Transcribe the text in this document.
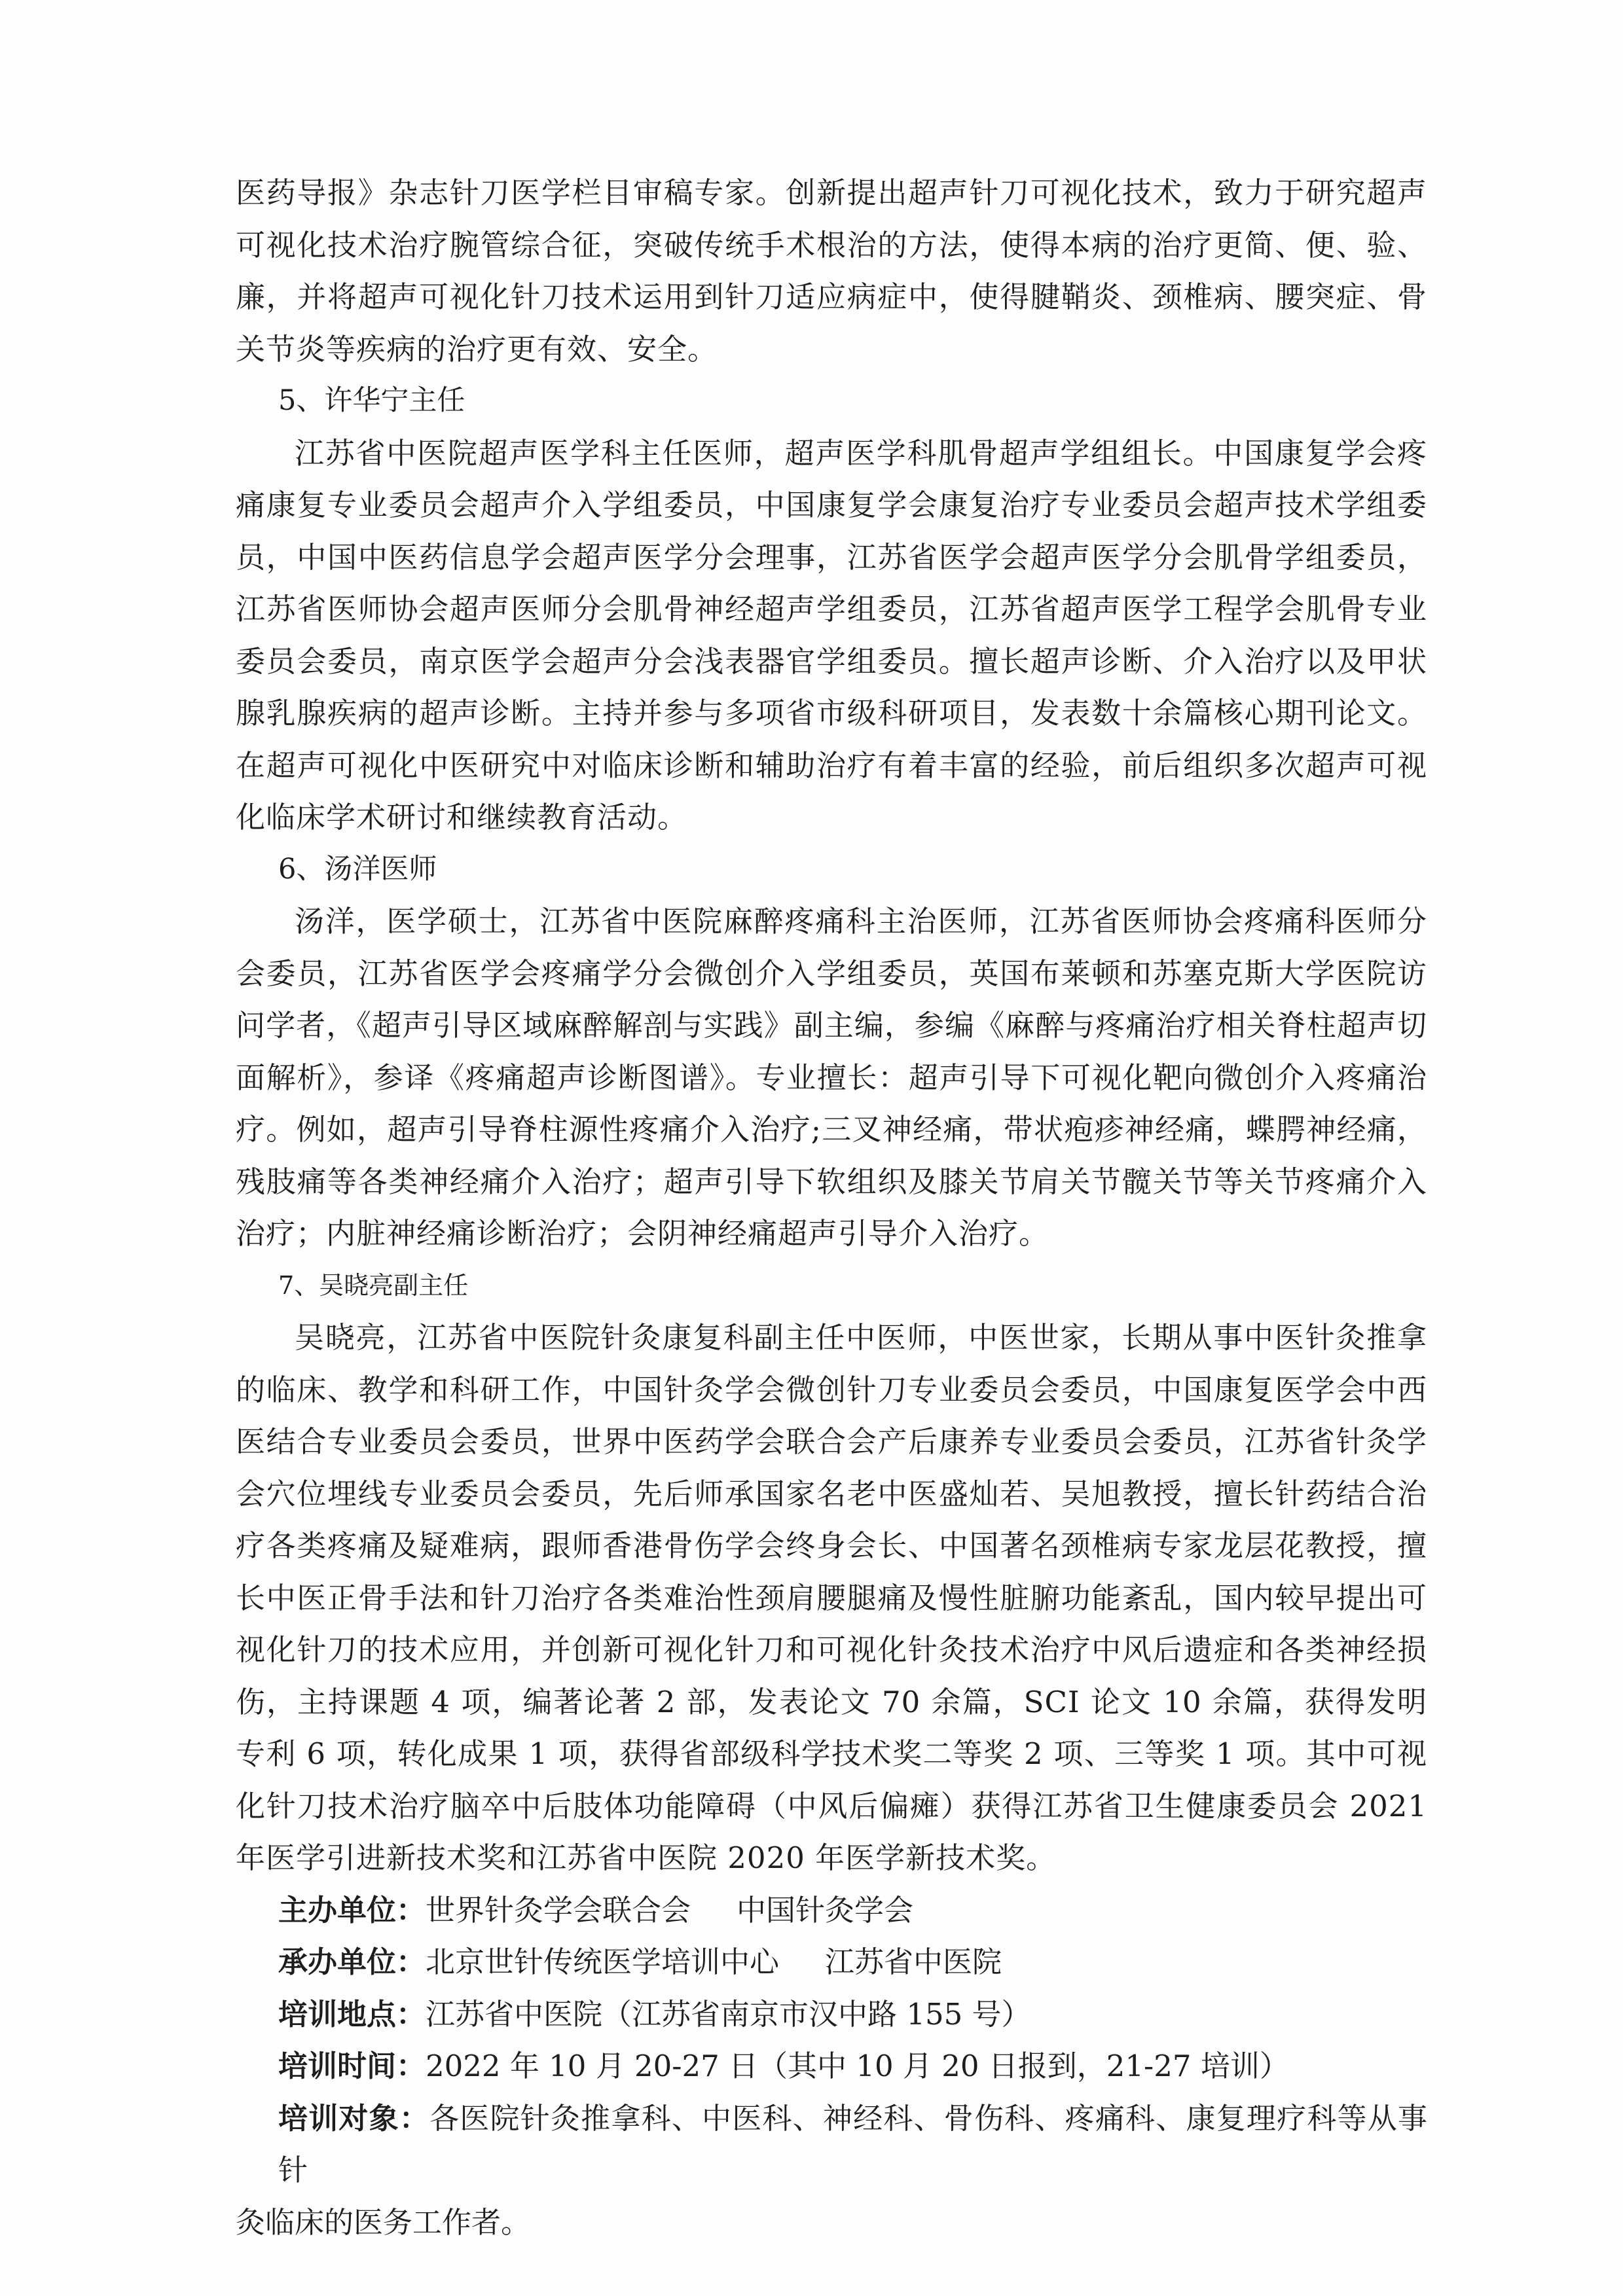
医药导报》杂志针刀医学栏目审稿专家。创新提出超声针刀可视化技术，致力于研究超声可视化技术治疗腕管综合征，突破传统手术根治的方法，使得本病的治疗更简、便、验、廉，并将超声可视化针刀技术运用到针刀适应病症中，使得腱鞘炎、颈椎病、腰突症、骨关节炎等疾病的治疗更有效、安全。

5、许华宁主任

江苏省中医院超声医学科主任医师，超声医学科肌骨超声学组组长。中国康复学会疼痛康复专业委员会超声介入学组委员，中国康复学会康复治疗专业委员会超声技术学组委员，中国中医药信息学会超声医学分会理事，江苏省医学会超声医学分会肌骨学组委员，江苏省医师协会超声医师分会肌骨神经超声学组委员，江苏省超声医学工程学会肌骨专业委员会委员，南京医学会超声分会浅表器官学组委员。擅长超声诊断、介入治疗以及甲状腺乳腺疾病的超声诊断。主持并参与多项省市级科研项目，发表数十余篇核心期刊论文。在超声可视化中医研究中对临床诊断和辅助治疗有着丰富的经验，前后组织多次超声可视化临床学术研讨和继续教育活动。

6、汤洋医师

汤洋，医学硕士，江苏省中医院麻醉疼痛科主治医师，江苏省医师协会疼痛科医师分会委员，江苏省医学会疼痛学分会微创介入学组委员，英国布莱顿和苏塞克斯大学医院访问学者，《超声引导区域麻醉解剖与实践》副主编，参编《麻醉与疼痛治疗相关脊柱超声切面解析》，参译《疼痛超声诊断图谱》。专业擅长：超声引导下可视化靶向微创介入疼痛治疗。例如，超声引导脊柱源性疼痛介入治疗;三叉神经痛，带状疱疹神经痛，蝶腭神经痛，残肢痛等各类神经痛介入治疗；超声引导下软组织及膝关节肩关节髋关节等关节疼痛介入治疗；内脏神经痛诊断治疗；会阴神经痛超声引导介入治疗。

7、吴晓亮副主任

吴晓亮，江苏省中医院针灸康复科副主任中医师，中医世家，长期从事中医针灸推拿的临床、教学和科研工作，中国针灸学会微创针刀专业委员会委员，中国康复医学会中西医结合专业委员会委员，世界中医药学会联合会产后康养专业委员会委员，江苏省针灸学会穴位埋线专业委员会委员，先后师承国家名老中医盛灿若、吴旭教授，擅长针药结合治疗各类疼痛及疑难病，跟师香港骨伤学会终身会长、中国著名颈椎病专家龙层花教授，擅长中医正骨手法和针刀治疗各类难治性颈肩腰腿痛及慢性脏腑功能紊乱，国内较早提出可视化针刀的技术应用，并创新可视化针刀和可视化针灸技术治疗中风后遗症和各类神经损伤，主持课题 4 项，编著论著 2 部，发表论文 70 余篇，SCI 论文 10 余篇，获得发明专利 6 项，转化成果 1 项，获得省部级科学技术奖二等奖 2 项、三等奖 1 项。其中可视化针刀技术治疗脑卒中后肢体功能障碍（中风后偏瘫）获得江苏省卫生健康委员会 2021 年医学引进新技术奖和江苏省中医院 2020 年医学新技术奖。

主办单位：世界针灸学会联合会 中国针灸学会

承办单位：北京世针传统医学培训中心 江苏省中医院

培训地点：江苏省中医院（江苏省南京市汉中路 155 号）

培训时间：2022 年 10 月 20-27 日（其中 10 月 20 日报到，21-27 培训）

培训对象：各医院针灸推拿科、中医科、神经科、骨伤科、疼痛科、康复理疗科等从事针
灸临床的医务工作者。
